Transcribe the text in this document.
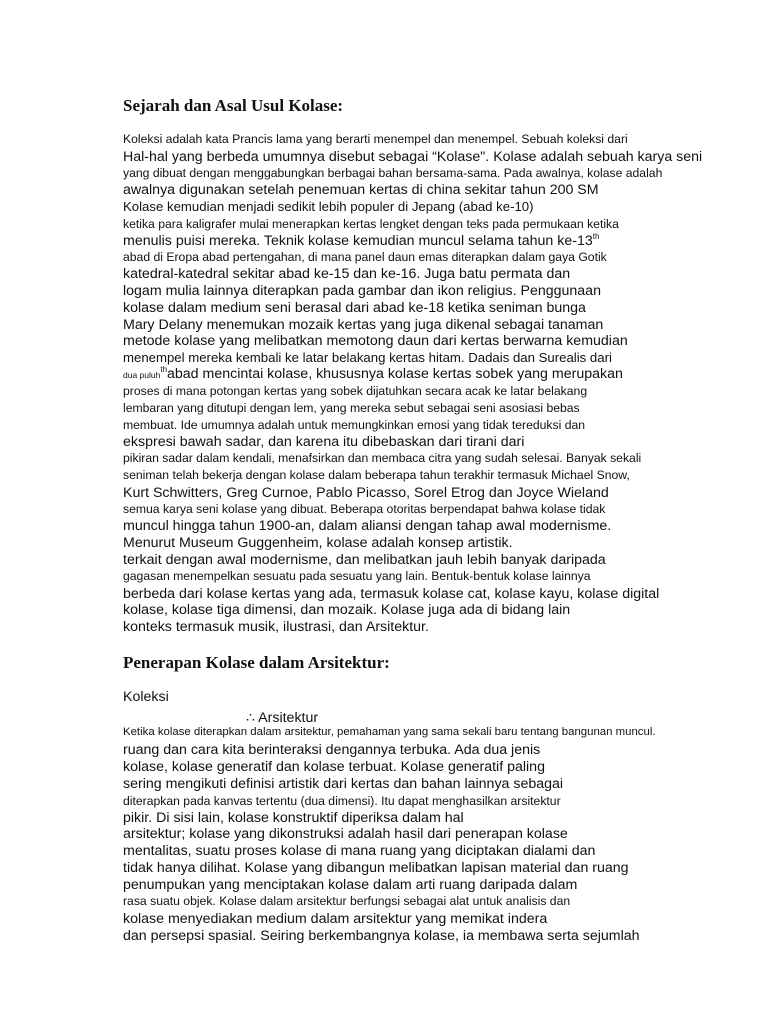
Sejarah dan Asal Usul Kolase:

Koleksi adalah kata Prancis lama yang berarti menempel dan menempel. Sebuah koleksi dari

Hal-hal yang berbeda umumnya disebut sebagai “Kolase". Kolase adalah sebuah karya seni

yang dibuat dengan menggabungkan berbagai bahan bersama-sama. Pada awalnya, kolase adalah

awalnya digunakan setelah penemuan kertas di china sekitar tahun 200 SM

Kolase kemudian menjadi sedikit lebih populer di Jepang (abad ke-10)

ketika para kaligrafer mulai menerapkan kertas lengket dengan teks pada permukaan ketika

menulis puisi mereka. Teknik kolase kemudian muncul selama tahun ke-13th

abad di Eropa abad pertengahan, di mana panel daun emas diterapkan dalam gaya Gotik

katedral-katedral sekitar abad ke-15 dan ke-16. Juga batu permata dan

logam mulia lainnya diterapkan pada gambar dan ikon religius. Penggunaan

kolase dalam medium seni berasal dari abad ke-18 ketika seniman bunga

Mary Delany menemukan mozaik kertas yang juga dikenal sebagai tanaman

metode kolase yang melibatkan memotong daun dari kertas berwarna kemudian

menempel mereka kembali ke latar belakang kertas hitam. Dadais dan Surealis dari

dua puluh$^{th}$abad mencintai kolase, khususnya kolase kertas sobek yang merupakan

proses di mana potongan kertas yang sobek dijatuhkan secara acak ke latar belakang

lembaran yang ditutupi dengan lem, yang mereka sebut sebagai seni asosiasi bebas

membuat. Ide umumnya adalah untuk memungkinkan emosi yang tidak tereduksi dan

ekspresi bawah sadar, dan karena itu dibebaskan dari tirani dari

pikiran sadar dalam kendali, menafsirkan dan membaca citra yang sudah selesai. Banyak sekali

seniman telah bekerja dengan kolase dalam beberapa tahun terakhir termasuk Michael Snow,

Kurt Schwitters, Greg Curnoe, Pablo Picasso, Sorel Etrog dan Joyce Wieland

semua karya seni kolase yang dibuat. Beberapa otoritas berpendapat bahwa kolase tidak

muncul hingga tahun 1900-an, dalam aliansi dengan tahap awal modernisme.

Menurut Museum Guggenheim, kolase adalah konsep artistik.

terkait dengan awal modernisme, dan melibatkan jauh lebih banyak daripada

gagasan menempelkan sesuatu pada sesuatu yang lain. Bentuk-bentuk kolase lainnya

berbeda dari kolase kertas yang ada, termasuk kolase cat, kolase kayu, kolase digital

kolase, kolase tiga dimensi, dan mozaik. Kolase juga ada di bidang lain

konteks termasuk musik, ilustrasi, dan Arsitektur.

Penerapan Kolase dalam Arsitektur:

Koleksi

∴ Arsitektur

Ketika kolase diterapkan dalam arsitektur, pemahaman yang sama sekali baru tentang bangunan muncul.

ruang dan cara kita berinteraksi dengannya terbuka. Ada dua jenis

kolase, kolase generatif dan kolase terbuat. Kolase generatif paling

sering mengikuti definisi artistik dari kertas dan bahan lainnya sebagai

diterapkan pada kanvas tertentu (dua dimensi). Itu dapat menghasilkan arsitektur

pikir. Di sisi lain, kolase konstruktif diperiksa dalam hal

arsitektur; kolase yang dikonstruksi adalah hasil dari penerapan kolase

mentalitas, suatu proses kolase di mana ruang yang diciptakan dialami dan

tidak hanya dilihat. Kolase yang dibangun melibatkan lapisan material dan ruang

penumpukan yang menciptakan kolase dalam arti ruang daripada dalam

rasa suatu objek. Kolase dalam arsitektur berfungsi sebagai alat untuk analisis dan

kolase menyediakan medium dalam arsitektur yang memikat indera

dan persepsi spasial. Seiring berkembangnya kolase, ia membawa serta sejumlah
